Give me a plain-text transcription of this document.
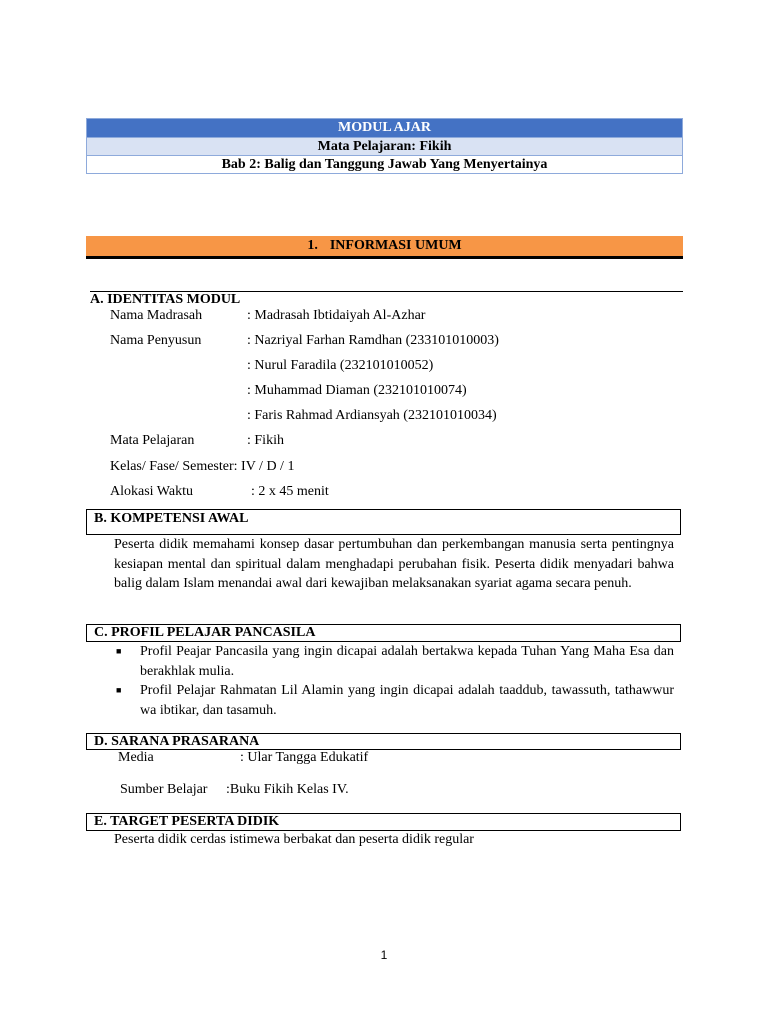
MODUL AJAR
Mata Pelajaran: Fikih
Bab 2: Balig dan Tanggung Jawab Yang Menyertainya
1. INFORMASI UMUM
A. IDENTITAS MODUL
Nama Madrasah	: Madrasah Ibtidaiyah Al-Azhar
Nama Penyusun	: Nazriyal Farhan Ramdhan (233101010003)
: Nurul Faradila (232101010052)
: Muhammad Diaman (232101010074)
: Faris Rahmad Ardiansyah (232101010034)
Mata Pelajaran	: Fikih
Kelas/ Fase/ Semester: IV / D / 1
Alokasi Waktu	: 2 x 45 menit
B. KOMPETENSI AWAL
Peserta didik memahami konsep dasar pertumbuhan dan perkembangan manusia serta pentingnya kesiapan mental dan spiritual dalam menghadapi perubahan fisik. Peserta didik menyadari bahwa balig dalam Islam menandai awal dari kewajiban melaksanakan syariat agama secara penuh.
C. PROFIL PELAJAR PANCASILA
■ Profil Peajar Pancasila yang ingin dicapai adalah bertakwa kepada Tuhan Yang Maha Esa dan berakhlak mulia.
■ Profil Pelajar Rahmatan Lil Alamin yang ingin dicapai adalah taaddub, tawassuth, tathawwur wa ibtikar, dan tasamuh.
D. SARANA PRASARANA
Media	: Ular Tangga Edukatif
Sumber Belajar :Buku Fikih Kelas IV.
E. TARGET PESERTA DIDIK
Peserta didik cerdas istimewa berbakat dan peserta didik regular
1
